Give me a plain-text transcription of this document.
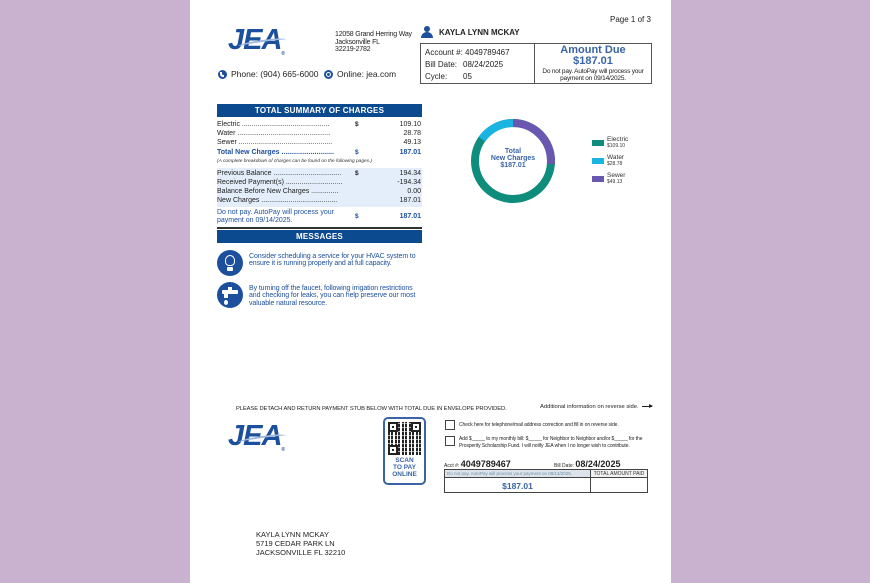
JEA®
12058 Grand Herring Way
Jacksonville FL
32219-2782
Phone: (904) 665-6000 Online: jea.com
Page 1 of 3
KAYLA LYNN MCKAY
Account #: 4049789467
Bill Date: 08/24/2025
Cycle: 05
Amount Due
$187.01
Do not pay. AutoPay will process your payment on 09/14/2025.
TOTAL SUMMARY OF CHARGES
Electric .............................................	$	109.10
Water ................................................	28.78
Sewer ................................................	49.13
Total New Charges ...........................	$	187.01
(A complete breakdown of charges can be found on the following pages.)
Previous Balance ...................................	$	194.34
Received Payment(s) .............................	-194.34
Balance Before New Charges ..............	0.00
New Charges .......................................	187.01
Do not pay. AutoPay will process your payment on 09/14/2025.
$	187.01
MESSAGES
Consider scheduling a service for your HVAC system to ensure it is running properly and at full capacity.
By turning off the faucet, following irrigation restrictions and checking for leaks, you can help preserve our most valuable natural resource.
Total
New Charges
$187.01
Electric
$109.10
Water
$28.78
Sewer
$49.13
PLEASE DETACH AND RETURN PAYMENT STUB BELOW WITH TOTAL DUE IN ENVELOPE PROVIDED.	Additional information on reverse side.
JEA®
SCAN
TO PAY
ONLINE
Check here for telephone/mail address correction and fill in on reverse side.
Add $_____ to my monthly bill: $_____ for Neighbor to Neighbor and/or $_____ for the Prosperity Scholarship Fund. I will notify JEA when I no longer wish to contribute.
Acct #: 4049789467	Bill Date: 08/24/2025
Do not pay. AutoPay will process your payment on 09/14/2025.
$187.01
TOTAL AMOUNT PAID
KAYLA LYNN MCKAY
5719 CEDAR PARK LN
JACKSONVILLE FL 32210
